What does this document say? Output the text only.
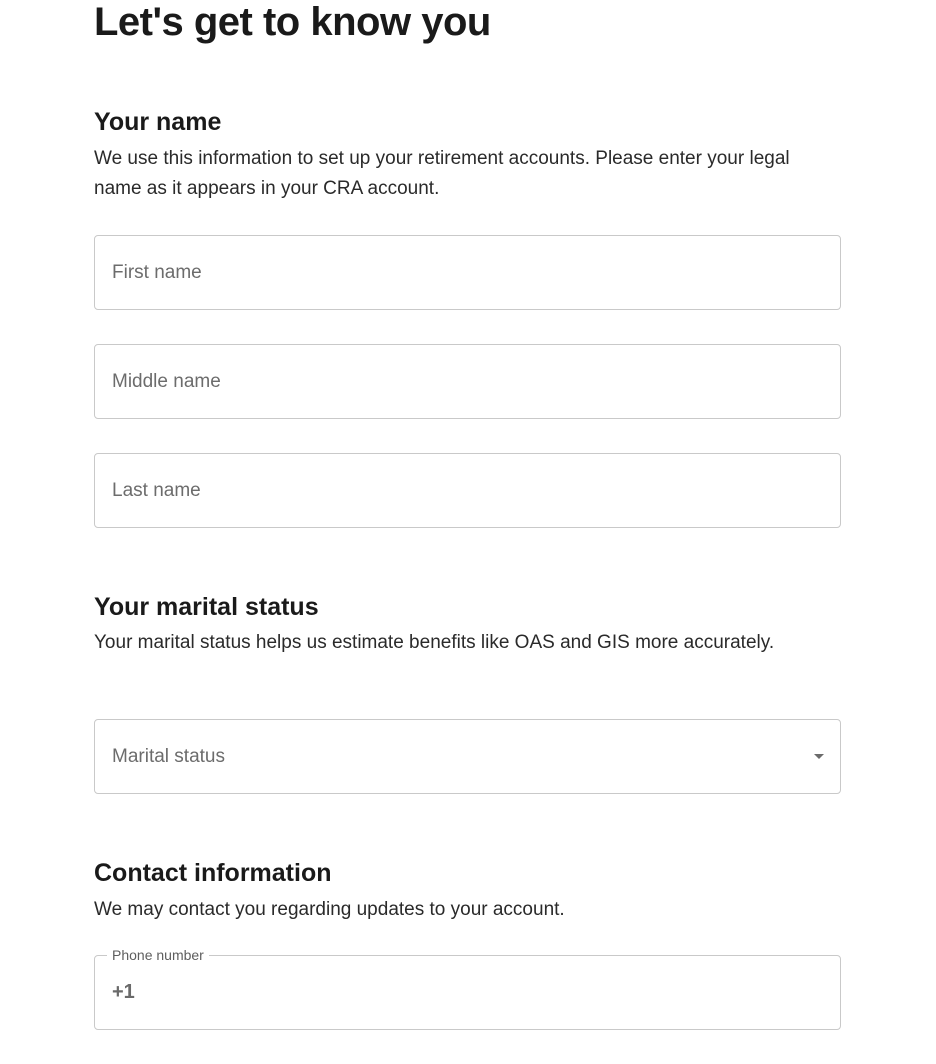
Let's get to know you
Your name

We use this information to set up your retirement accounts. Please enter your legal name as it appears in your CRA account.

First name
Middle name
Last name
Your marital status

Your marital status helps us estimate benefits like OAS and GIS more accurately.

Marital status
Contact information

We may contact you regarding updates to your account.

Phone number
+1
